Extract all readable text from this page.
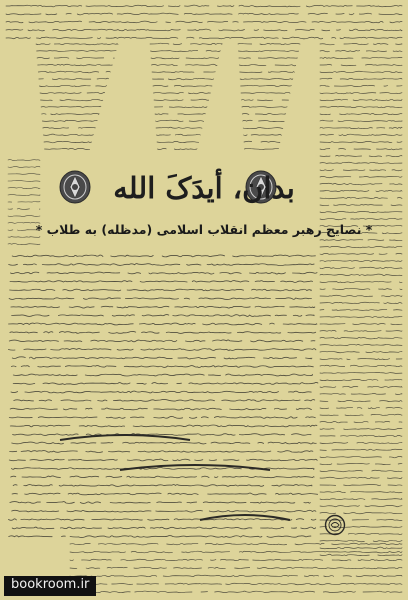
بدان، أیدَکَ الله
* نصایح رهبر معظم انقلاب اسلامی (مدظله) به طلاب *
bookroom.ir
